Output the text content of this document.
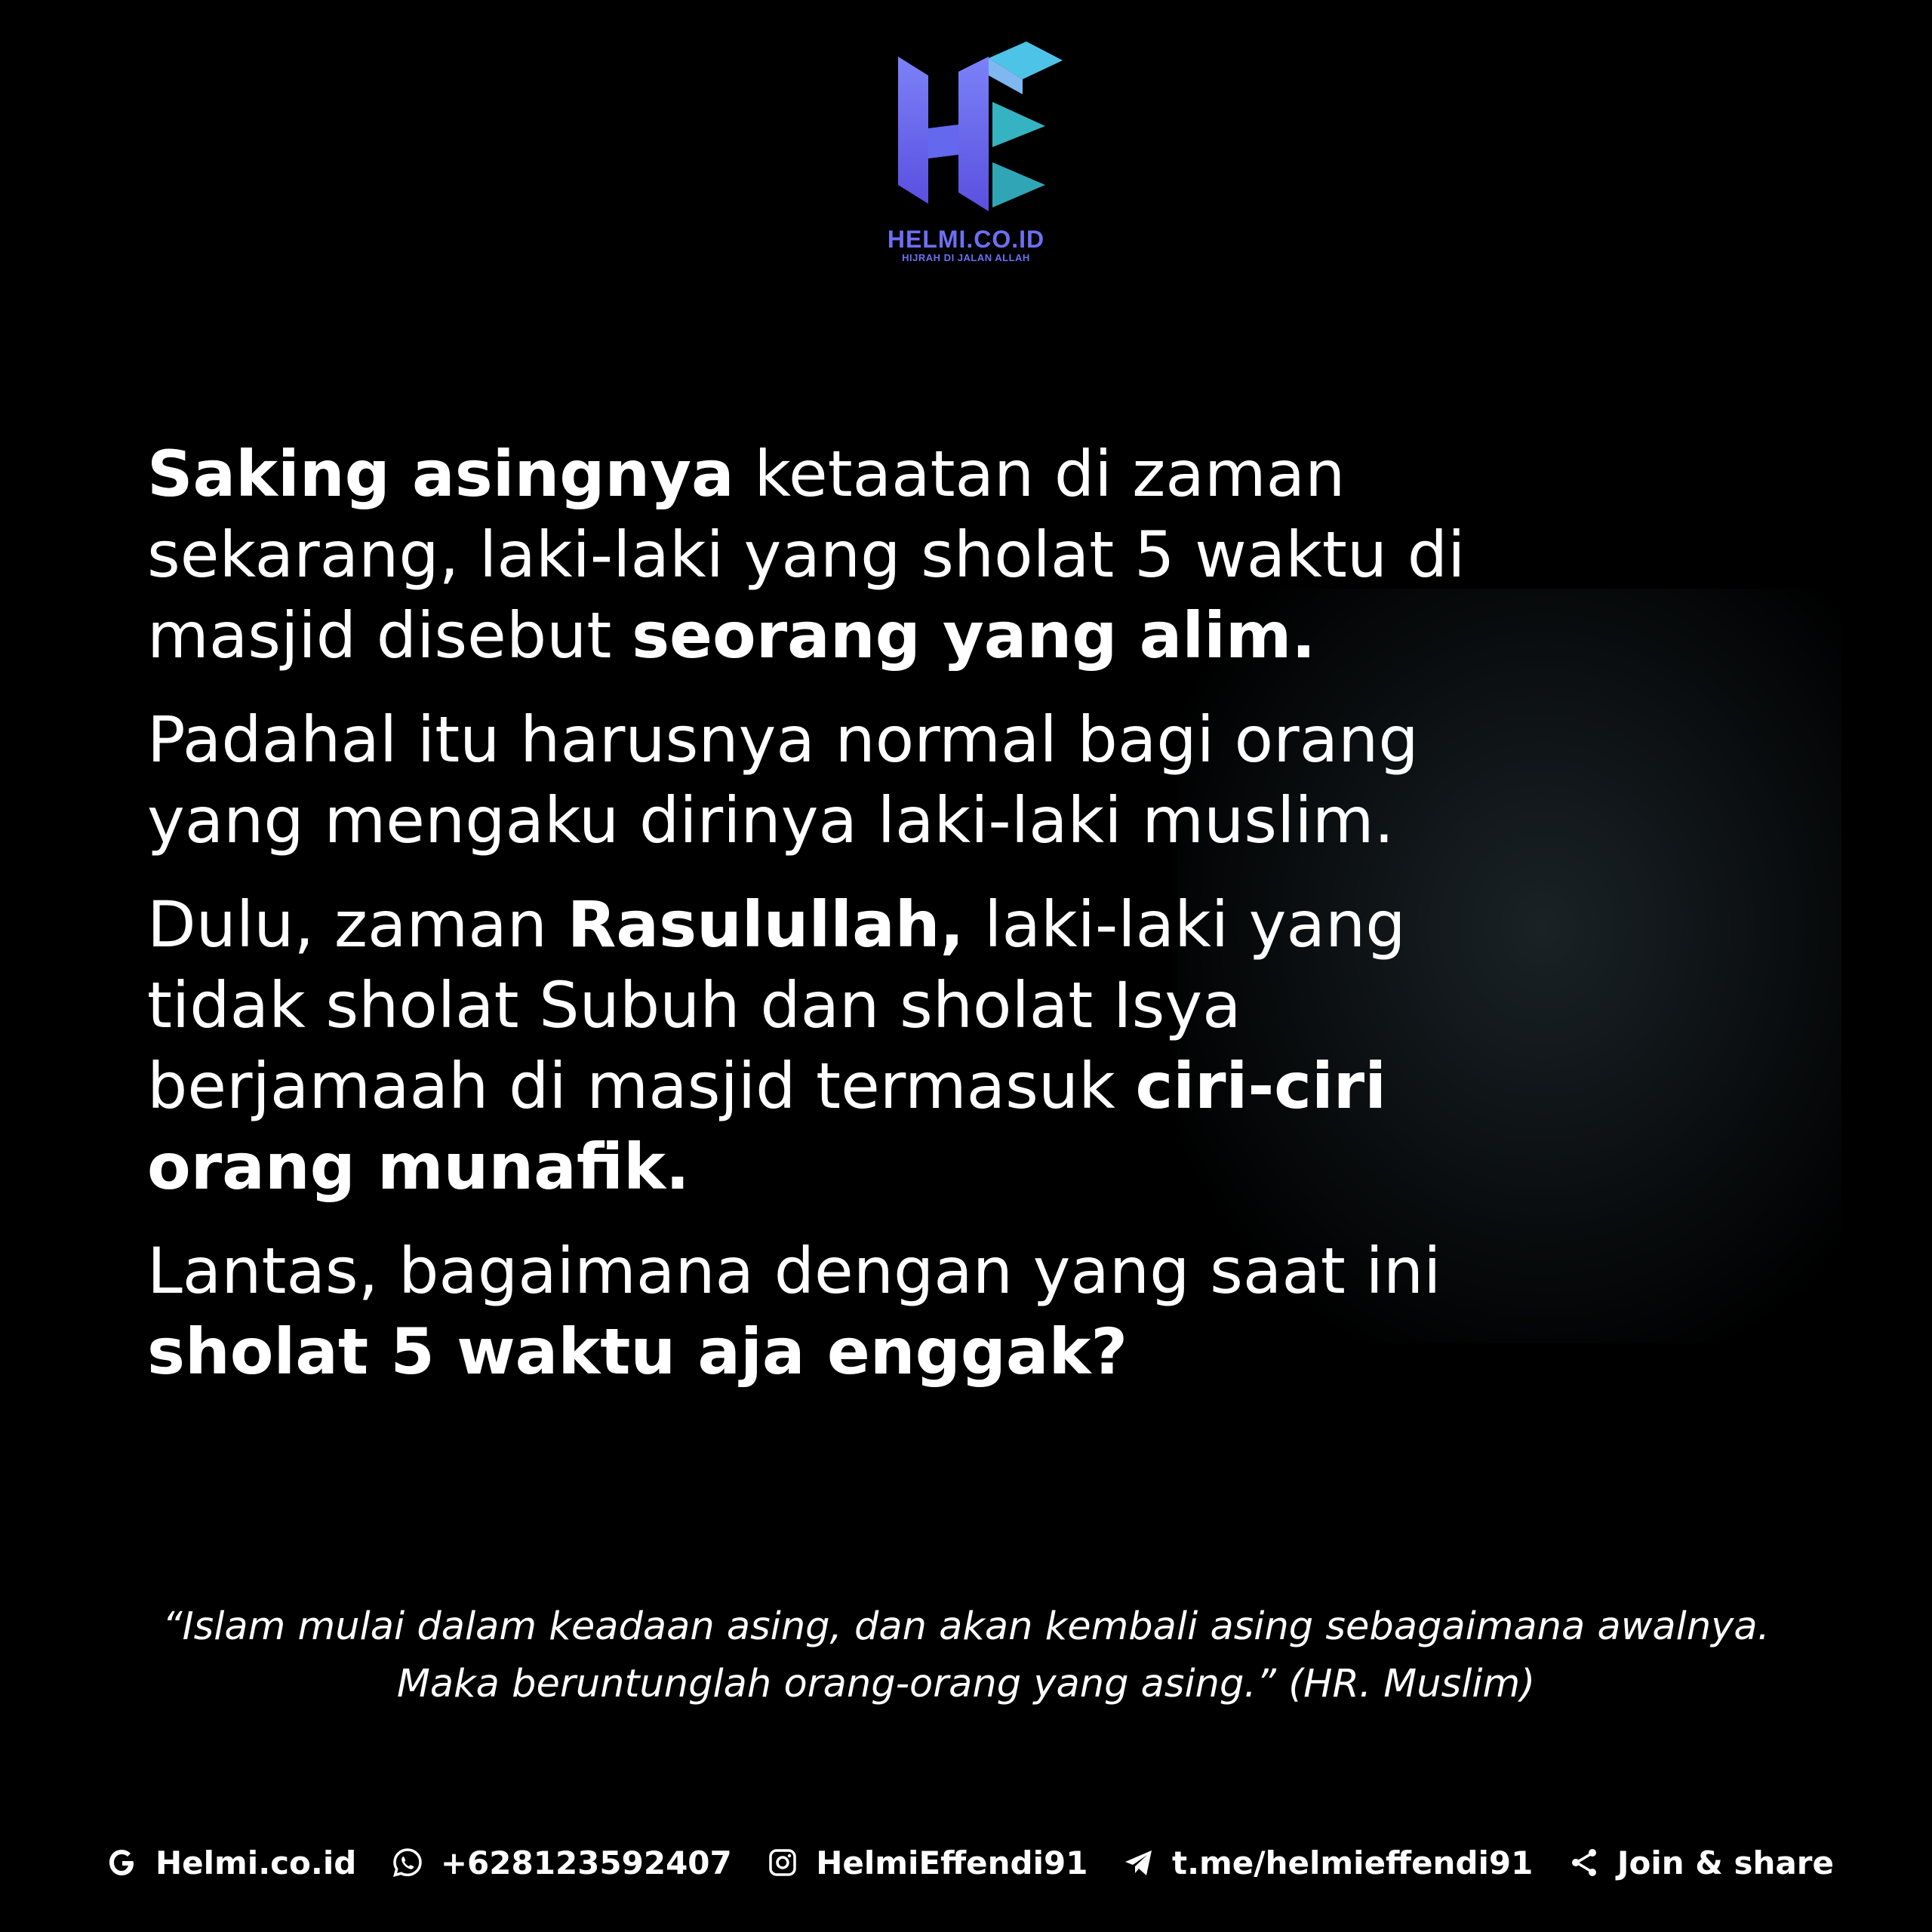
HELMI.CO.ID
HIJRAH DI JALAN ALLAH

Saking asingnya ketaatan di zaman sekarang, laki-laki yang sholat 5 waktu di masjid disebut seorang yang alim.

Padahal itu harusnya normal bagi orang yang mengaku dirinya laki-laki muslim.

Dulu, zaman Rasulullah, laki-laki yang tidak sholat Subuh dan sholat Isya berjamaah di masjid termasuk ciri-ciri orang munafik.

Lantas, bagaimana dengan yang saat ini sholat 5 waktu aja enggak?

“Islam mulai dalam keadaan asing, dan akan kembali asing sebagaimana awalnya.
Maka beruntunglah orang-orang yang asing.” (HR. Muslim)
Helmi.co.id	+628123592407	HelmiEffendi91	t.me/helmieffendi91	Join & share
